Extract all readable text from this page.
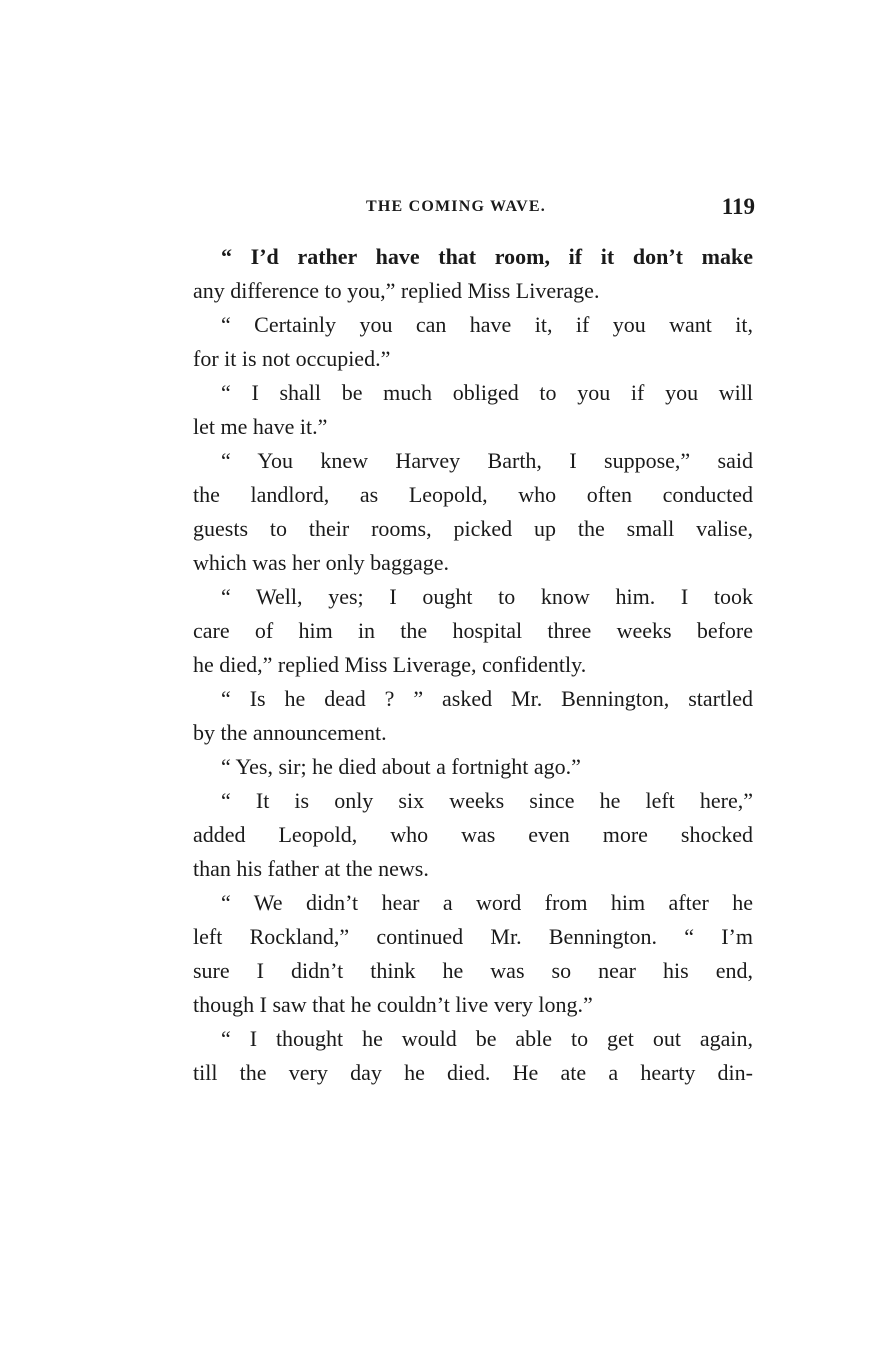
THE COMING WAVE.	119
“ I’d rather have that room, if it don’t make
any difference to you,” replied Miss Liverage.
“ Certainly you can have it, if you want it,
for it is not occupied.”
“ I shall be much obliged to you if you will
let me have it.”
“ You knew Harvey Barth, I suppose,” said
the landlord, as Leopold, who often conducted
guests to their rooms, picked up the small valise,
which was her only baggage.
“ Well, yes; I ought to know him. I took
care of him in the hospital three weeks before
he died,” replied Miss Liverage, confidently.
“ Is he dead ? ” asked Mr. Bennington, startled
by the announcement.
“ Yes, sir; he died about a fortnight ago.”
“ It is only six weeks since he left here,”
added Leopold, who was even more shocked
than his father at the news.
“ We didn’t hear a word from him after he
left Rockland,” continued Mr. Bennington. “ I’m
sure I didn’t think he was so near his end,
though I saw that he couldn’t live very long.”
“ I thought he would be able to get out again,
till the very day he died. He ate a hearty din-
